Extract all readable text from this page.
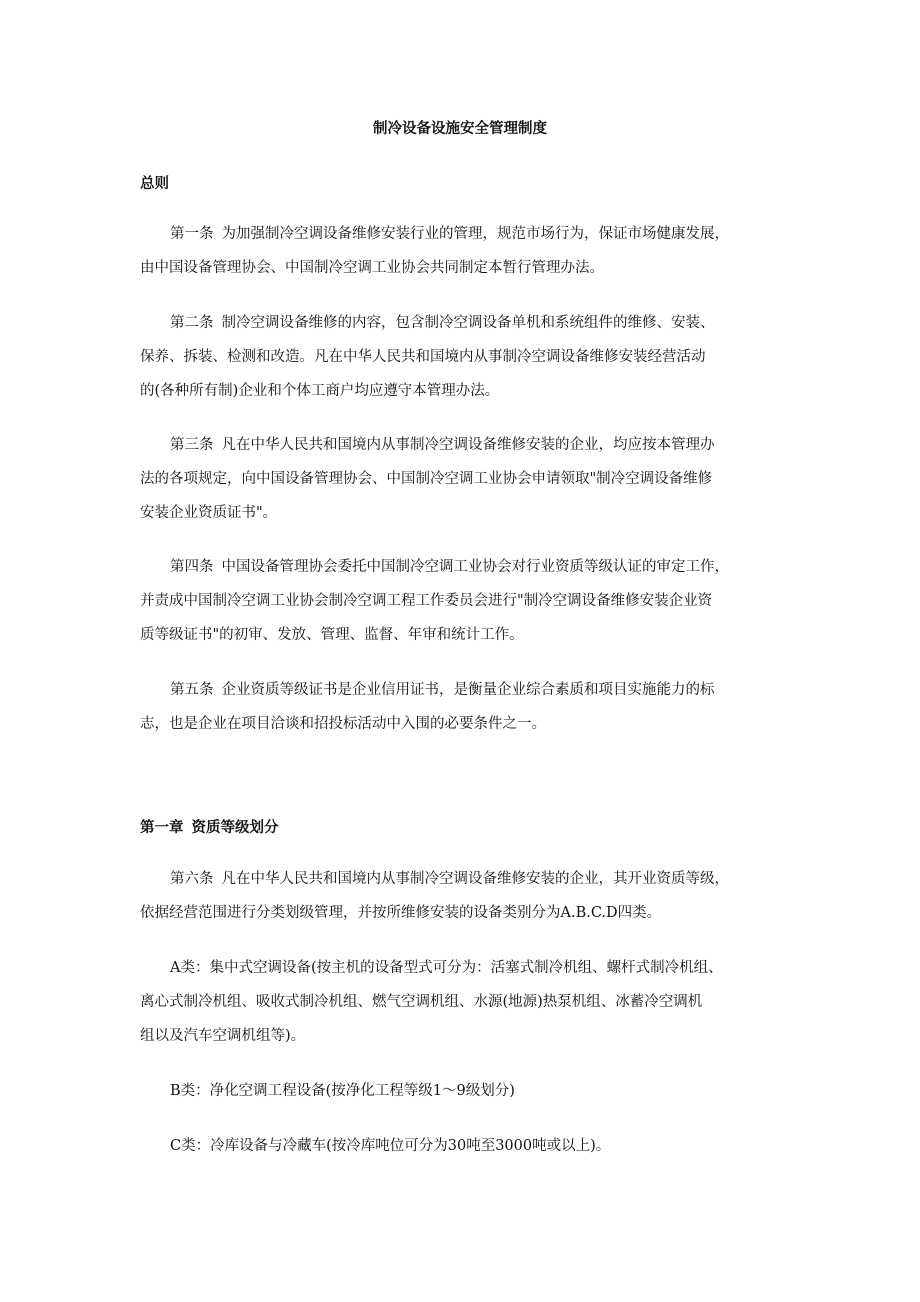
制冷设备设施安全管理制度
总则
第一条 为加强制冷空调设备维修安装行业的管理，规范市场行为，保证市场健康发展，
由中国设备管理协会、中国制冷空调工业协会共同制定本暂行管理办法。
第二条 制冷空调设备维修的内容，包含制冷空调设备单机和系统组件的维修、安装、
保养、拆装、检测和改造。凡在中华人民共和国境内从事制冷空调设备维修安装经营活动
的(各种所有制)企业和个体工商户均应遵守本管理办法。
第三条 凡在中华人民共和国境内从事制冷空调设备维修安装的企业，均应按本管理办
法的各项规定，向中国设备管理协会、中国制冷空调工业协会申请领取"制冷空调设备维修
安装企业资质证书"。
第四条 中国设备管理协会委托中国制冷空调工业协会对行业资质等级认证的审定工作，
并责成中国制冷空调工业协会制冷空调工程工作委员会进行"制冷空调设备维修安装企业资
质等级证书"的初审、发放、管理、监督、年审和统计工作。
第五条 企业资质等级证书是企业信用证书，是衡量企业综合素质和项目实施能力的标
志，也是企业在项目洽谈和招投标活动中入围的必要条件之一。
第一章 资质等级划分
第六条 凡在中华人民共和国境内从事制冷空调设备维修安装的企业，其开业资质等级，
依据经营范围进行分类划级管理，并按所维修安装的设备类别分为A.B.C.D四类。
A类：集中式空调设备(按主机的设备型式可分为：活塞式制冷机组、螺杆式制冷机组、
离心式制冷机组、吸收式制冷机组、燃气空调机组、水源(地源)热泵机组、冰蓄冷空调机
组以及汽车空调机组等)。
B类：净化空调工程设备(按净化工程等级1～9级划分)
C类：冷库设备与冷藏车(按冷库吨位可分为30吨至3000吨或以上)。
